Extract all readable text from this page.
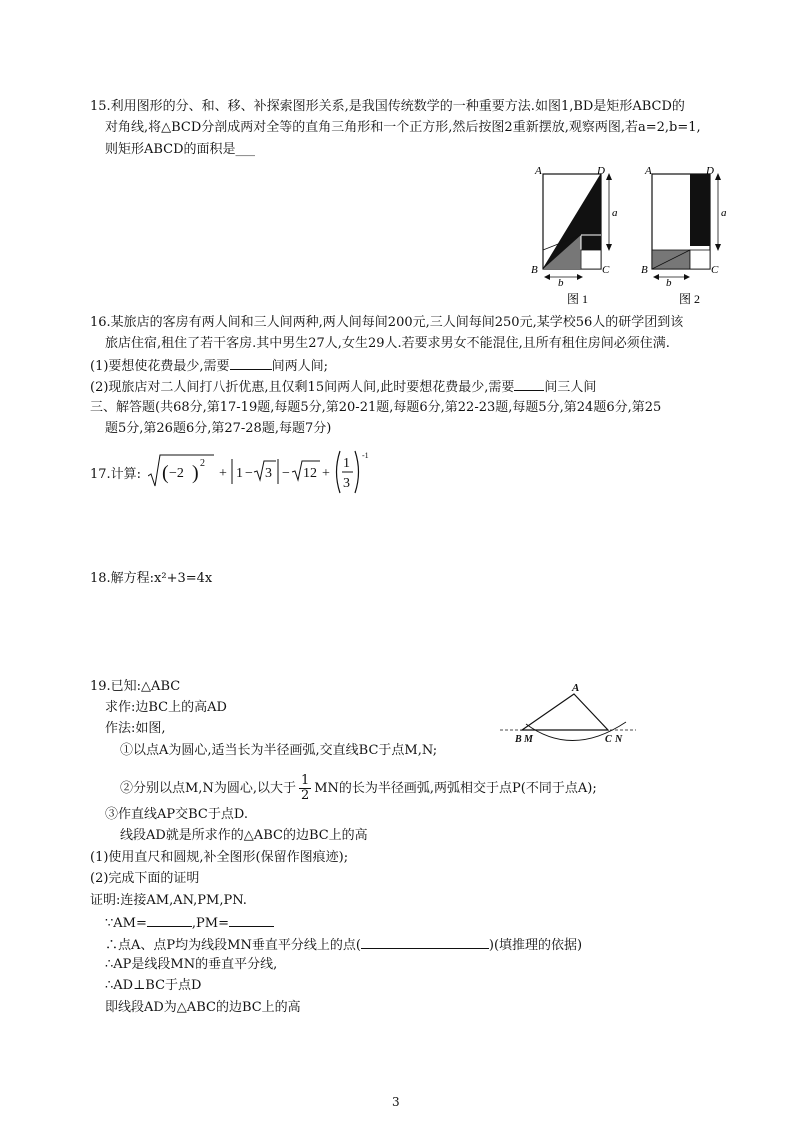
15.利用图形的分、和、移、补探索图形关系,是我国传统数学的一种重要方法.如图1,BD是矩形ABCD的
对角线,将△BCD分剖成两对全等的直角三角形和一个正方形,然后按图2重新摆放,观察两图,若a=2,b=1,
则矩形ABCD的面积是___
A	D
B	C
a
b
图 1
A	D
B	C
a
b
图 2
16.某旅店的客房有两人间和三人间两种,两人间每间200元,三人间每间250元,某学校56人的研学团到该
旅店住宿,租住了若干客房.其中男生27人,女生29人.若要求男女不能混住,且所有租住房间必须住满.
(1)要想使花费最少,需要	间两人间;
(2)现旅店对二人间打八折优惠,且仅剩15间两人间,此时要想花费最少,需要 间三人间
三、解答题(共68分,第17-19题,每题5分,第20-21题,每题6分,第22-23题,每题5分,第24题6分,第25
题5分,第26题6分,第27-28题,每题7分)
17.计算: ( −2 ) 2
+ 1 − 3 − 12 +
1
3
-1
18.解方程:x²+3=4x
19.已知:△ABC
求作:边BC上的高AD
作法:如图,
①以点A为圆心,适当长为半径画弧,交直线BC于点M,N;
②分别以点M,N为圆心,以大于 $\frac{1}{2}$ MN的长为半径画弧,两弧相交于点P(不同于点A);
③作直线AP交BC于点D.
线段AD就是所求作的△ABC的边BC上的高
(1)使用直尺和圆规,补全图形(保留作图痕迹);
(2)完成下面的证明
证明:连接AM,AN,PM,PN.
∵AM=	,PM=
∴点A、点P均为线段MN垂直平分线上的点(	)(填推理的依据)
∴AP是线段MN的垂直平分线,
∴AD⊥BC于点D
即线段AD为△ABC的边BC上的高
A
B M	C N
3
